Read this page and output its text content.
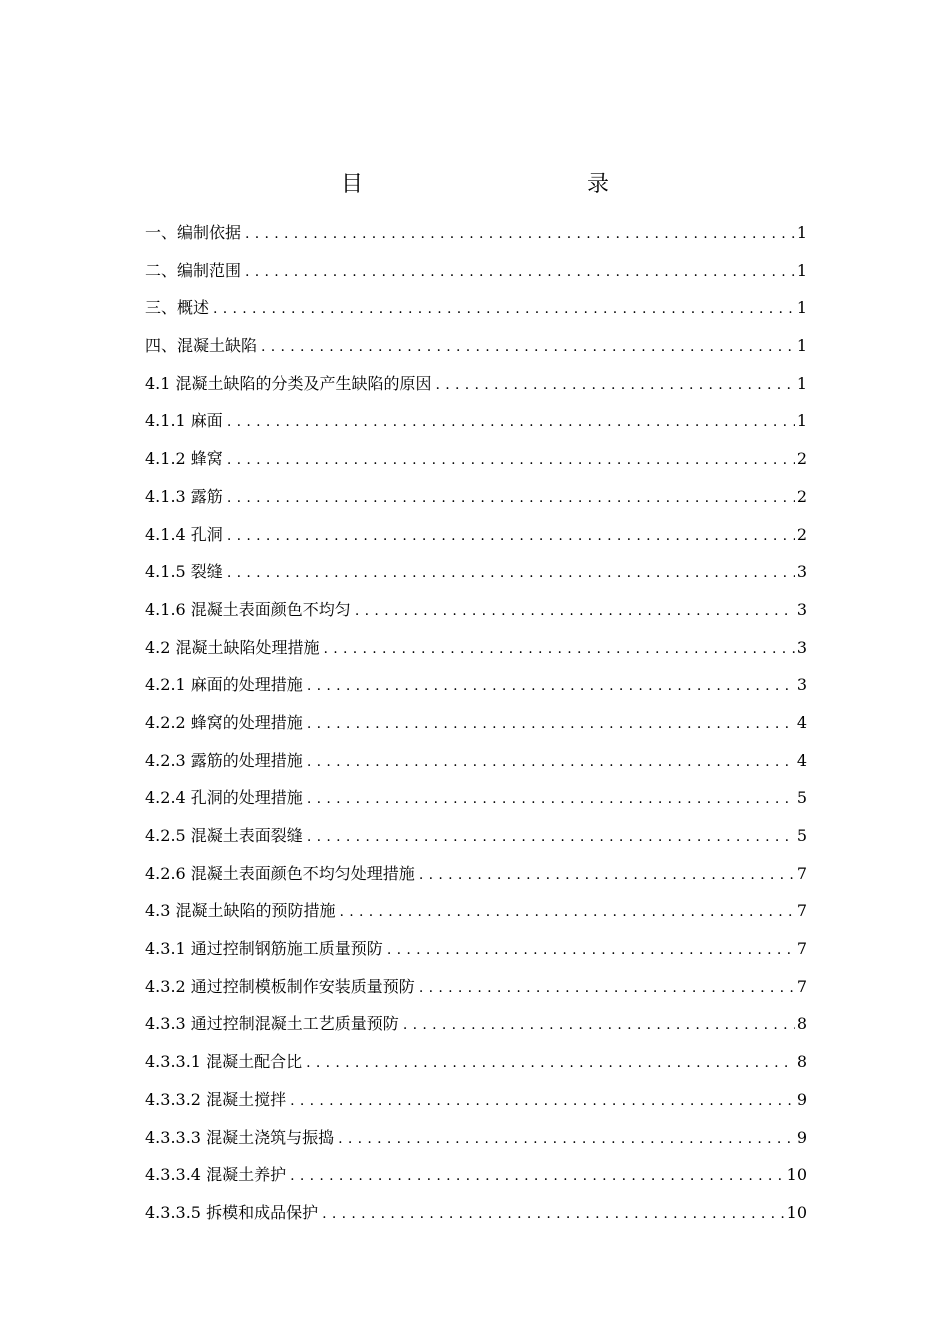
目　　录
一、编制依据 .....	1
二、编制范围 .....	1
三、概述 .....	1
四、混凝土缺陷 .....	1
4.1 混凝土缺陷的分类及产生缺陷的原因 .....	1
4.1.1 麻面 .....	1
4.1.2 蜂窝 .....	2
4.1.3 露筋 .....	2
4.1.4 孔洞 .....	2
4.1.5 裂缝 .....	3
4.1.6 混凝土表面颜色不均匀 .....	3
4.2 混凝土缺陷处理措施 .....	3
4.2.1 麻面的处理措施 .....	3
4.2.2 蜂窝的处理措施 .....	4
4.2.3 露筋的处理措施 .....	4
4.2.4 孔洞的处理措施 .....	5
4.2.5 混凝土表面裂缝 .....	5
4.2.6 混凝土表面颜色不均匀处理措施 .....	7
4.3 混凝土缺陷的预防措施 .....	7
4.3.1 通过控制钢筋施工质量预防 .....	7
4.3.2 通过控制模板制作安装质量预防 .....	7
4.3.3 通过控制混凝土工艺质量预防 .....	8
4.3.3.1 混凝土配合比 .....	8
4.3.3.2 混凝土搅拌 .....	9
4.3.3.3 混凝土浇筑与振捣 .....	9
4.3.3.4 混凝土养护 .....	10
4.3.3.5 拆模和成品保护 .....	10
